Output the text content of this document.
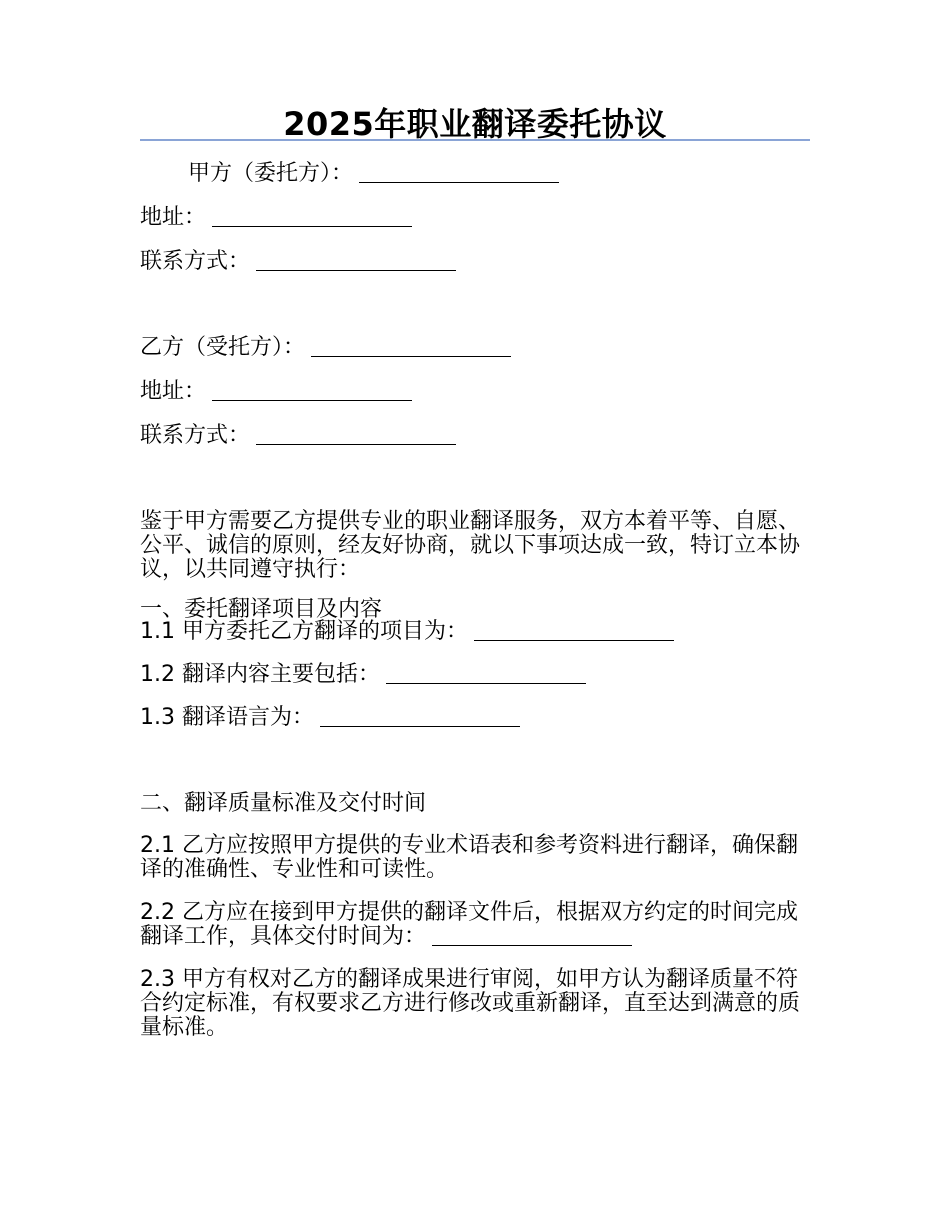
2025年职业翻译委托协议
甲方（委托方）：
地址：
联系方式：
乙方（受托方）：
地址：
联系方式：
鉴于甲方需要乙方提供专业的职业翻译服务，双方本着平等、自愿、公平、诚信的原则，经友好协商，就以下事项达成一致，特订立本协议，以共同遵守执行：
一、委托翻译项目及内容
1.1 甲方委托乙方翻译的项目为：
1.2 翻译内容主要包括：
1.3 翻译语言为：
二、翻译质量标准及交付时间
2.1 乙方应按照甲方提供的专业术语表和参考资料进行翻译，确保翻译的准确性、专业性和可读性。
2.2 乙方应在接到甲方提供的翻译文件后，根据双方约定的时间完成翻译工作，具体交付时间为：
2.3 甲方有权对乙方的翻译成果进行审阅，如甲方认为翻译质量不符合约定标准，有权要求乙方进行修改或重新翻译，直至达到满意的质量标准。
